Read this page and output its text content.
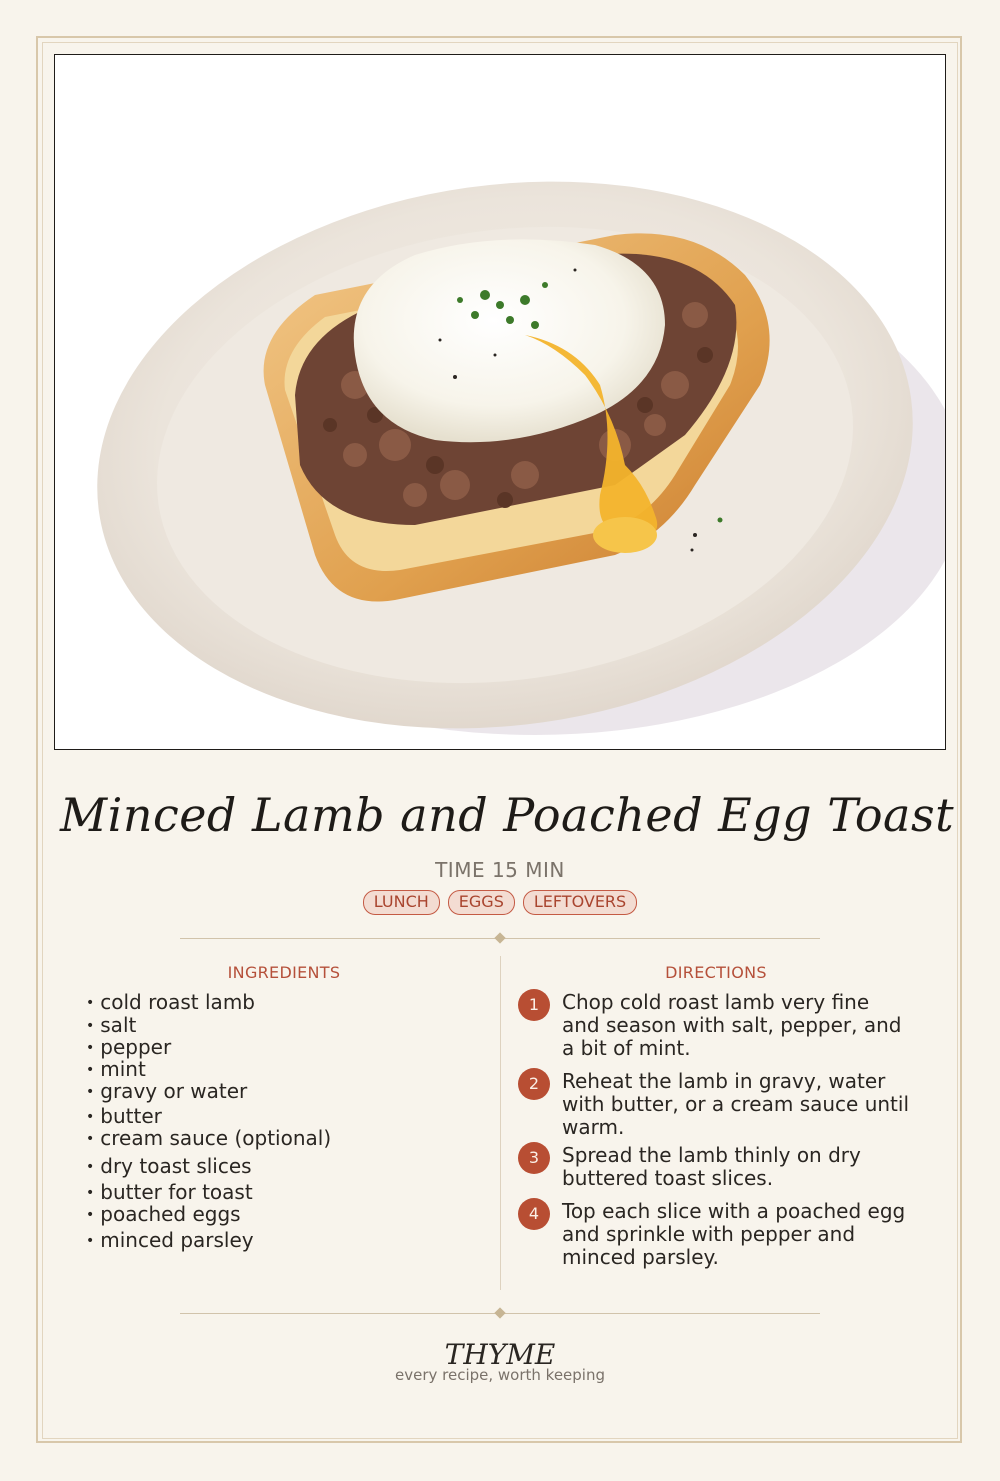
Minced Lamb and Poached Egg Toast
TIME 15 MIN
LUNCH	EGGS	LEFTOVERS
INGREDIENTS	DIRECTIONS
• cold roast lamb
• salt
• pepper
• mint
• gravy or water
• butter
• cream sauce (optional)
• dry toast slices
• butter for toast
• poached eggs
• minced parsley
1	Chop cold roast lamb very fine and season with salt, pepper, and a bit of mint.
2	Reheat the lamb in gravy, water with butter, or a cream sauce until warm.
3	Spread the lamb thinly on dry buttered toast slices.
4	Top each slice with a poached egg and sprinkle with pepper and minced parsley.
THYME
every recipe, worth keeping
